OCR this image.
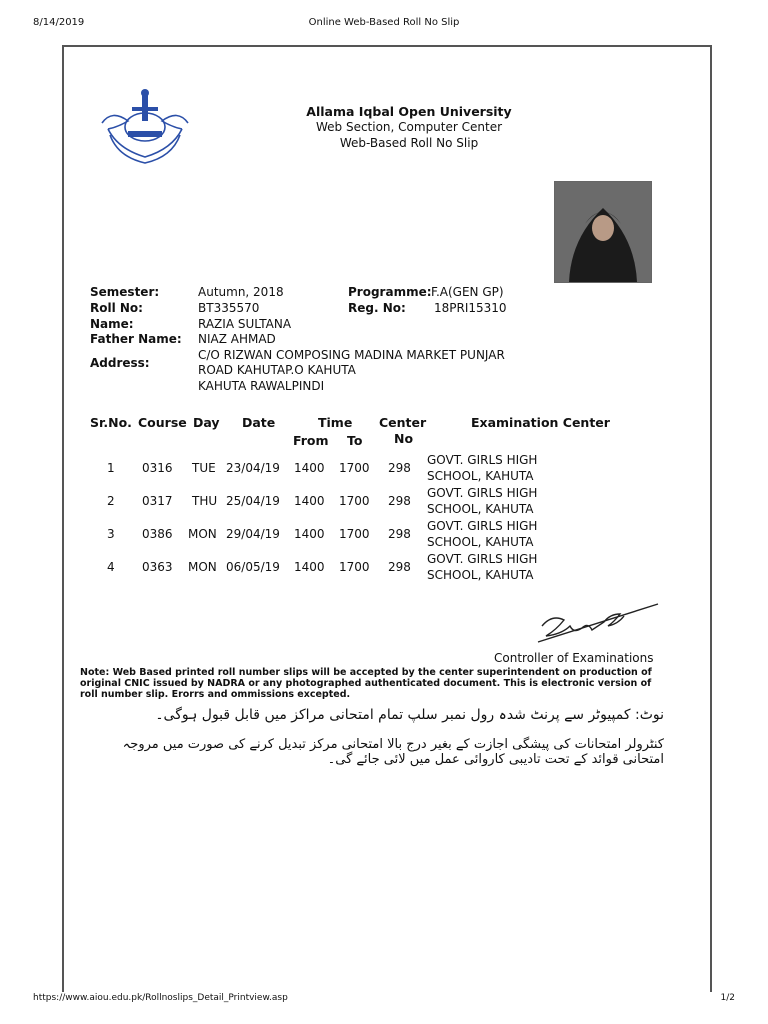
8/14/2019	Online Web-Based Roll No Slip
Allama Iqbal Open University
Web Section, Computer Center
Web-Based Roll No Slip
Semester:	Autumn, 2018	Programme: F.A(GEN GP)
Roll No:	BT335570	Reg. No: 18PRI15310
Name:	RAZIA SULTANA
Father Name: NIAZ AHMAD
Address:
C/O RIZWAN COMPOSING MADINA MARKET PUNJAR
ROAD KAHUTAP.O KAHUTA
KAHUTA RAWALPINDI
Sr.No. Course Day Date	Time
From To
Center
No
Examination Center
1 0316 TUE 23/04/19 1400 1700 298
GOVT. GIRLS HIGH
SCHOOL, KAHUTA
2 0317 THU 25/04/19 1400 1700 298
GOVT. GIRLS HIGH
SCHOOL, KAHUTA
3 0386 MON 29/04/19 1400 1700 298
GOVT. GIRLS HIGH
SCHOOL, KAHUTA
4 0363 MON 06/05/19 1400 1700 298
GOVT. GIRLS HIGH
SCHOOL, KAHUTA
Controller of Examinations
Note: Web Based printed roll number slips will be accepted by the center superintendent on production of original CNIC issued by NADRA or any photographed authenticated document. This is electronic version of roll number slip. Erorrs and ommissions excepted.
نوٹ: کمپیوٹر سے پرنٹ شدہ رول نمبر سلپ تمام امتحانی مراکز میں قابل قبول ہوگی۔
کنٹرولر امتحانات کی پیشگی اجازت کے بغیر درج بالا امتحانی مرکز تبدیل کرنے کی صورت میں مروجہ امتحانی قوائد کے تحت تادیبی کاروائی عمل میں لائی جائے گی۔
https://www.aiou.edu.pk/Rollnoslips_Detail_Printview.asp	1/2
